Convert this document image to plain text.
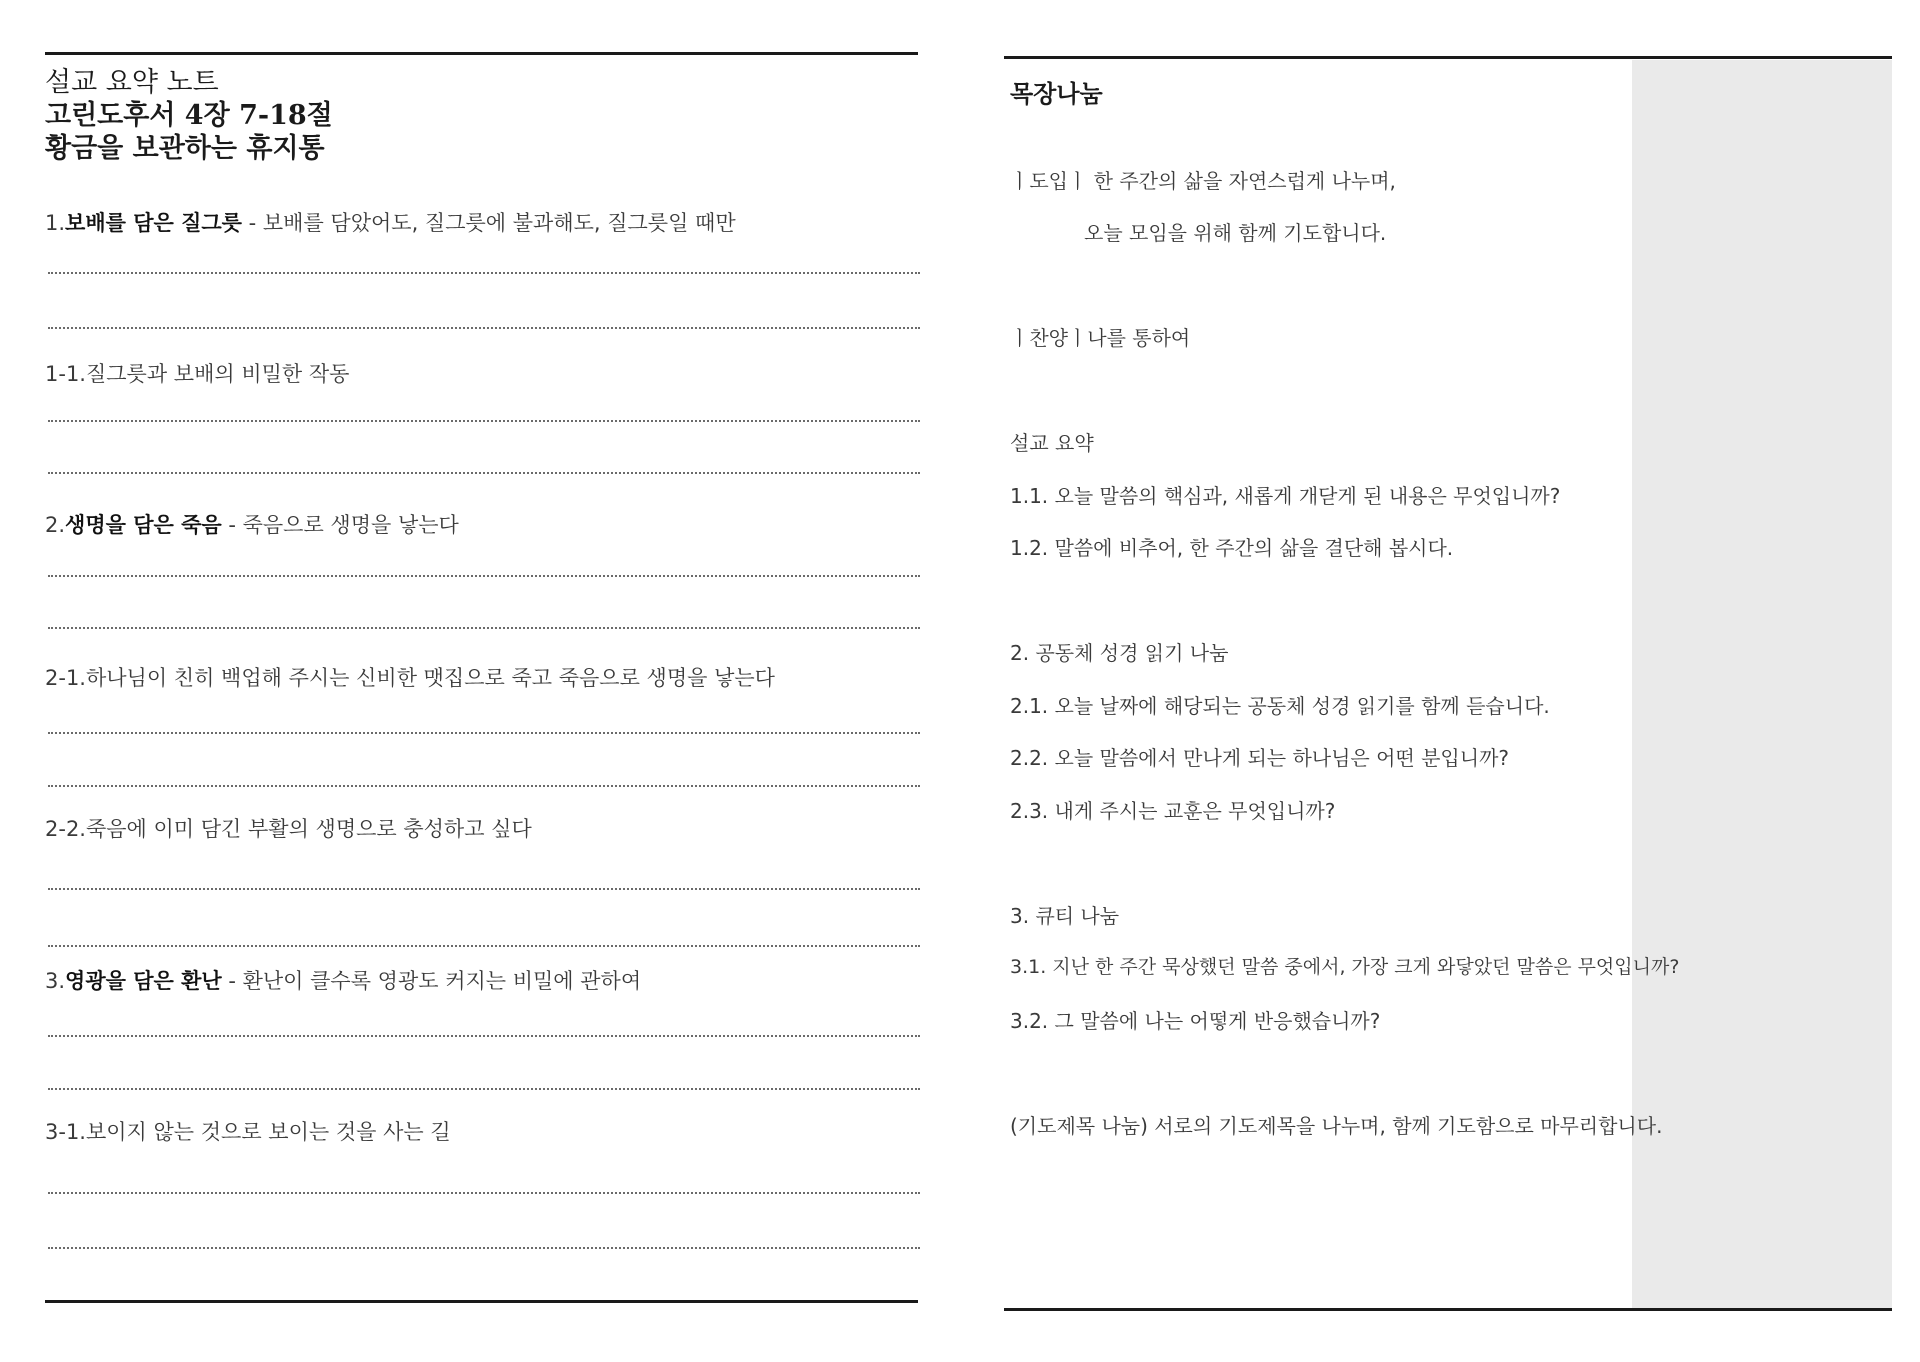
설교 요약 노트

고린도후서 4장 7-18절

황금을 보관하는 휴지통

1.보배를 담은 질그릇 - 보배를 담았어도, 질그릇에 불과해도, 질그릇일 때만
1-1.질그릇과 보배의 비밀한 작동
2.생명을 담은 죽음 - 죽음으로 생명을 낳는다
2-1.하나님이 친히 백업해 주시는 신비한 맷집으로 죽고 죽음으로 생명을 낳는다
2-2.죽음에 이미 담긴 부활의 생명으로 충성하고 싶다
3.영광을 담은 환난 - 환난이 클수록 영광도 커지는 비밀에 관하여
3-1.보이지 않는 것으로 보이는 것을 사는 길
목장나눔
ㅣ도입ㅣ 한 주간의 삶을 자연스럽게 나누며,
오늘 모임을 위해 함께 기도합니다.
ㅣ찬양ㅣ나를 통하여
설교 요약
1.1. 오늘 말씀의 핵심과, 새롭게 개닫게 된 내용은 무엇입니까?
1.2. 말씀에 비추어, 한 주간의 삶을 결단해 봅시다.
2. 공동체 성경 읽기 나눔
2.1. 오늘 날짜에 해당되는 공동체 성경 읽기를 함께 듣습니다.
2.2. 오늘 말씀에서 만나게 되는 하나님은 어떤 분입니까?
2.3. 내게 주시는 교훈은 무엇입니까?
3. 큐티 나눔
3.1. 지난 한 주간 묵상했던 말씀 중에서, 가장 크게 와닿았던 말씀은 무엇입니까?
3.2. 그 말씀에 나는 어떻게 반응했습니까?
(기도제목 나눔) 서로의 기도제목을 나누며, 함께 기도함으로 마무리합니다.
